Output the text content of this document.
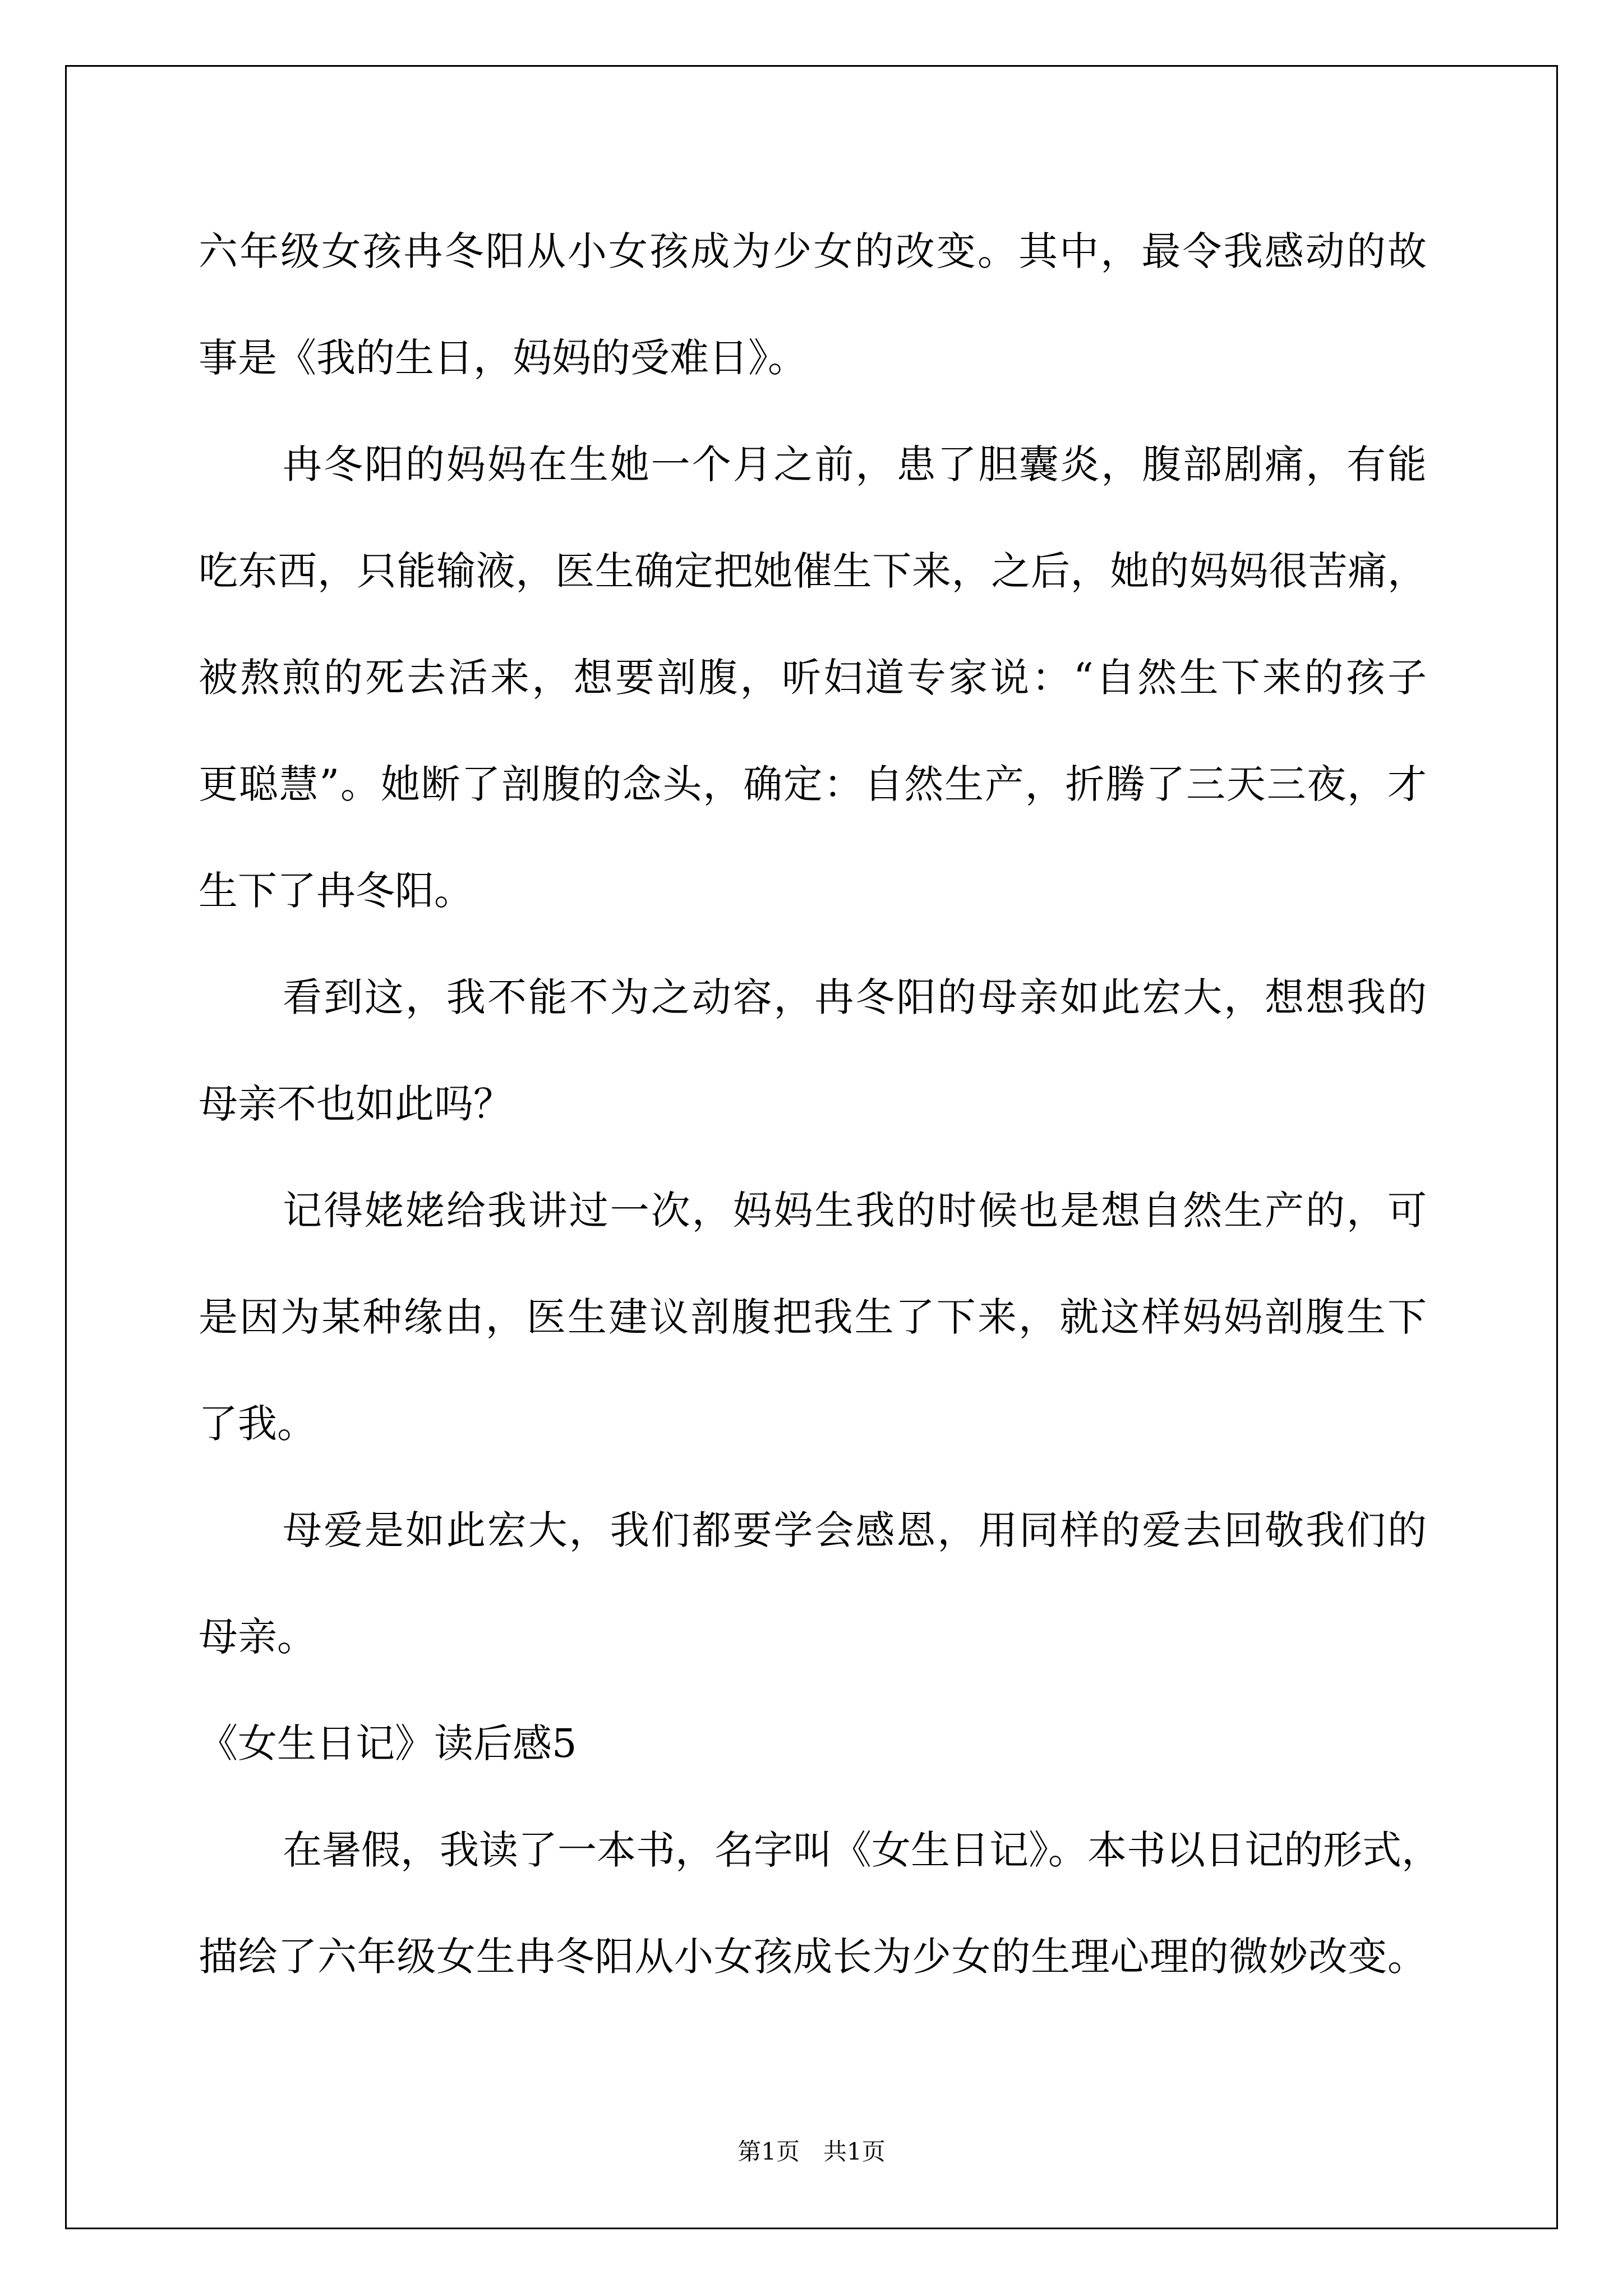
六年级女孩冉冬阳从小女孩成为少女的改变。其中，最令我感动的故
事是《我的生日，妈妈的受难日》。
冉冬阳的妈妈在生她一个月之前，患了胆囊炎，腹部剧痛，有能
吃东西，只能输液，医生确定把她催生下来，之后，她的妈妈很苦痛，
被熬煎的死去活来，想要剖腹，听妇道专家说：“自然生下来的孩子
更聪慧”。她断了剖腹的念头，确定：自然生产，折腾了三天三夜，才
生下了冉冬阳。
看到这，我不能不为之动容，冉冬阳的母亲如此宏大，想想我的
母亲不也如此吗？
记得姥姥给我讲过一次，妈妈生我的时候也是想自然生产的，可
是因为某种缘由，医生建议剖腹把我生了下来，就这样妈妈剖腹生下
了我。
母爱是如此宏大，我们都要学会感恩，用同样的爱去回敬我们的
母亲。
《女生日记》读后感5
在暑假，我读了一本书，名字叫《女生日记》。本书以日记的形式，
描绘了六年级女生冉冬阳从小女孩成长为少女的生理心理的微妙改变。
第1页　共1页
